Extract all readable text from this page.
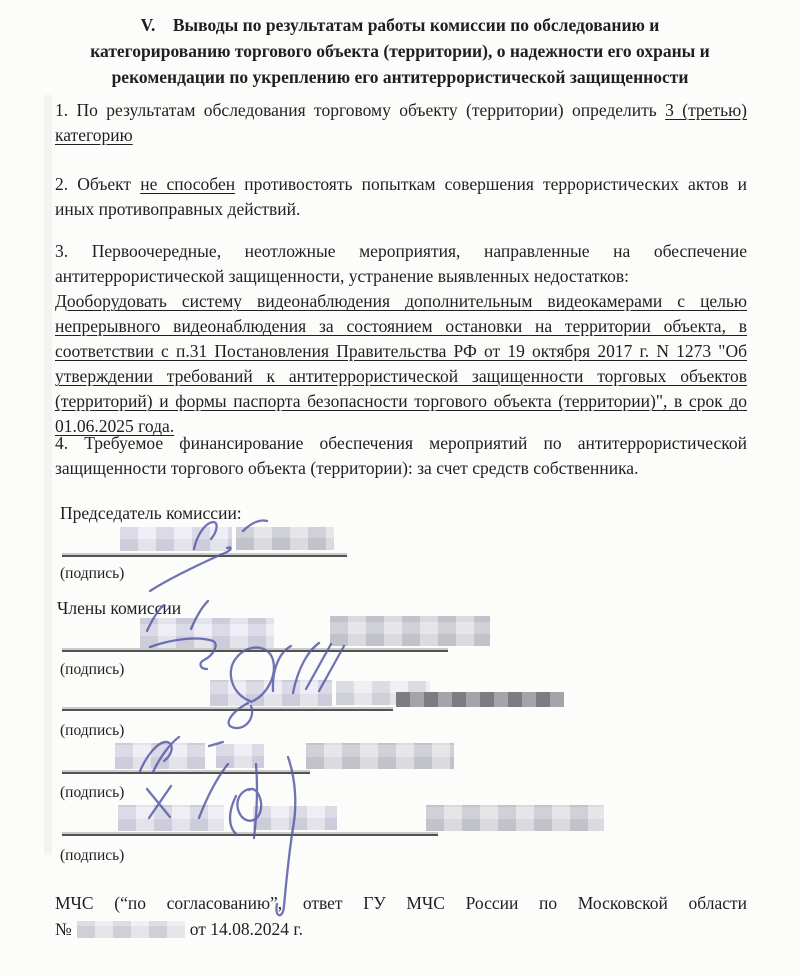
V.    Выводы по результатам работы комиссии по обследованию и категорированию торгового объекта (территории), о надежности его охраны и рекомендации по укреплению его антитеррористической защищенности
1. По результатам обследования торговому объекту (территории) определить 3 (третью) категорию
2. Объект не способен противостоять попыткам совершения террористических актов и иных противоправных действий.
3. Первоочередные, неотложные мероприятия, направленные на обеспечение антитеррористической защищенности, устранение выявленных недостатков:
Дооборудовать систему видеонаблюдения дополнительным видеокамерами с целью непрерывного видеонаблюдения за состоянием остановки на территории объекта, в соответствии с п.31 Постановления Правительства РФ от 19 октября 2017 г. N 1273 "Об утверждении требований к антитеррористической защищенности торговых объектов (территорий) и формы паспорта безопасности торгового объекта (территории)", в срок до 01.06.2025 года.
4. Требуемое финансирование обеспечения мероприятий по антитеррористической защищенности торгового объекта (территории): за счет средств собственника.
Председатель комиссии:
(подпись)
Члены комиссии
(подпись)
(подпись)
(подпись)
(подпись)
МЧС (“по согласованию”, ответ ГУ МЧС России по Московской области
№	от 14.08.2024 г.
